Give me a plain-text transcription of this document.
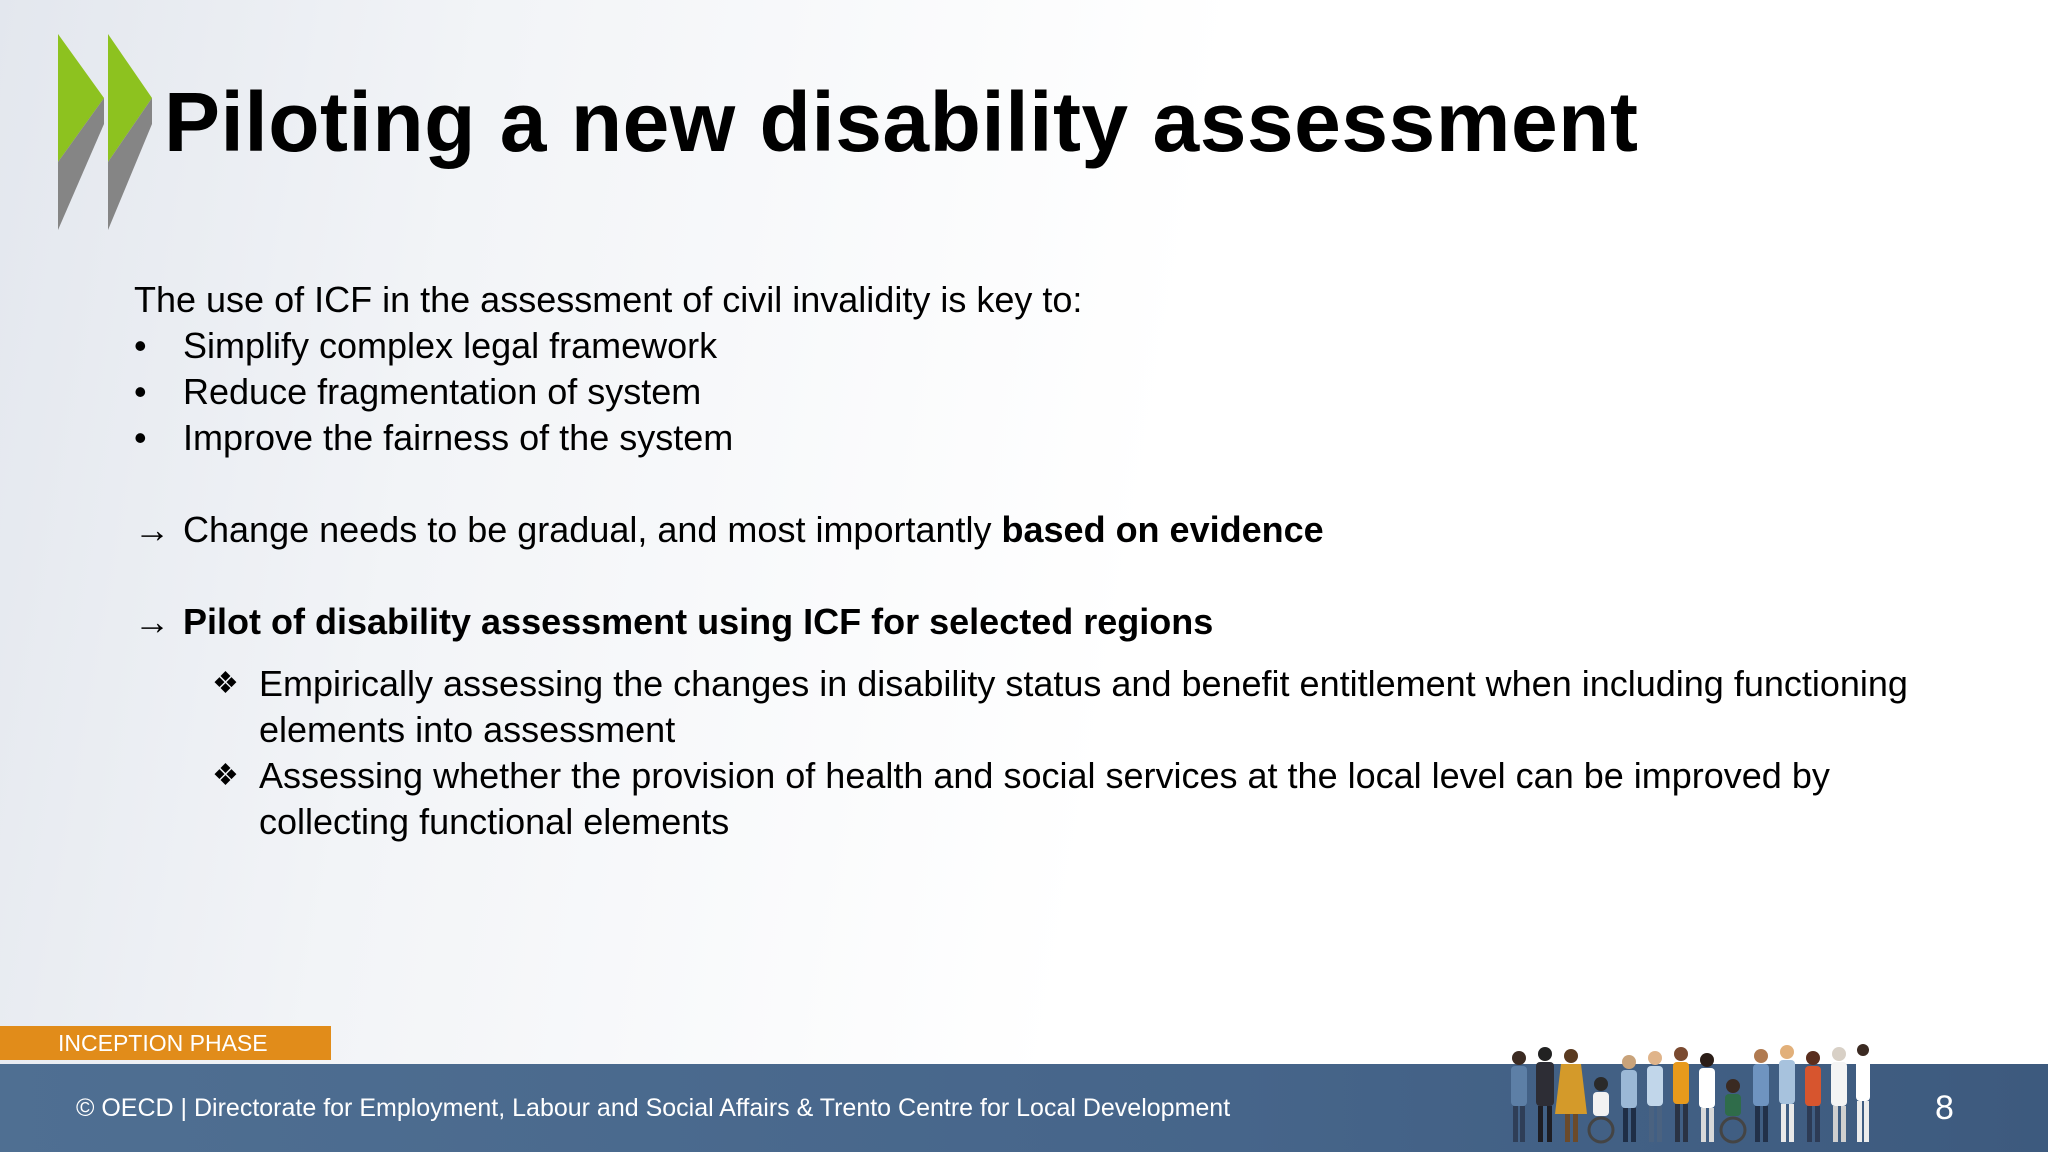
Piloting a new disability assessment
The use of ICF in the assessment of civil invalidity is key to:
•	Simplify complex legal framework
•	Reduce fragmentation of system
•	Improve the fairness of the system
→ Change needs to be gradual, and most importantly based on evidence
→ Pilot of disability assessment using ICF for selected regions
❖ Empirically assessing the changes in disability status and benefit entitlement when including functioning elements into assessment
❖ Assessing whether the provision of health and social services at the local level can be improved by collecting functional elements
INCEPTION PHASE
© OECD | Directorate for Employment, Labour and Social Affairs & Trento Centre for Local Development	8
